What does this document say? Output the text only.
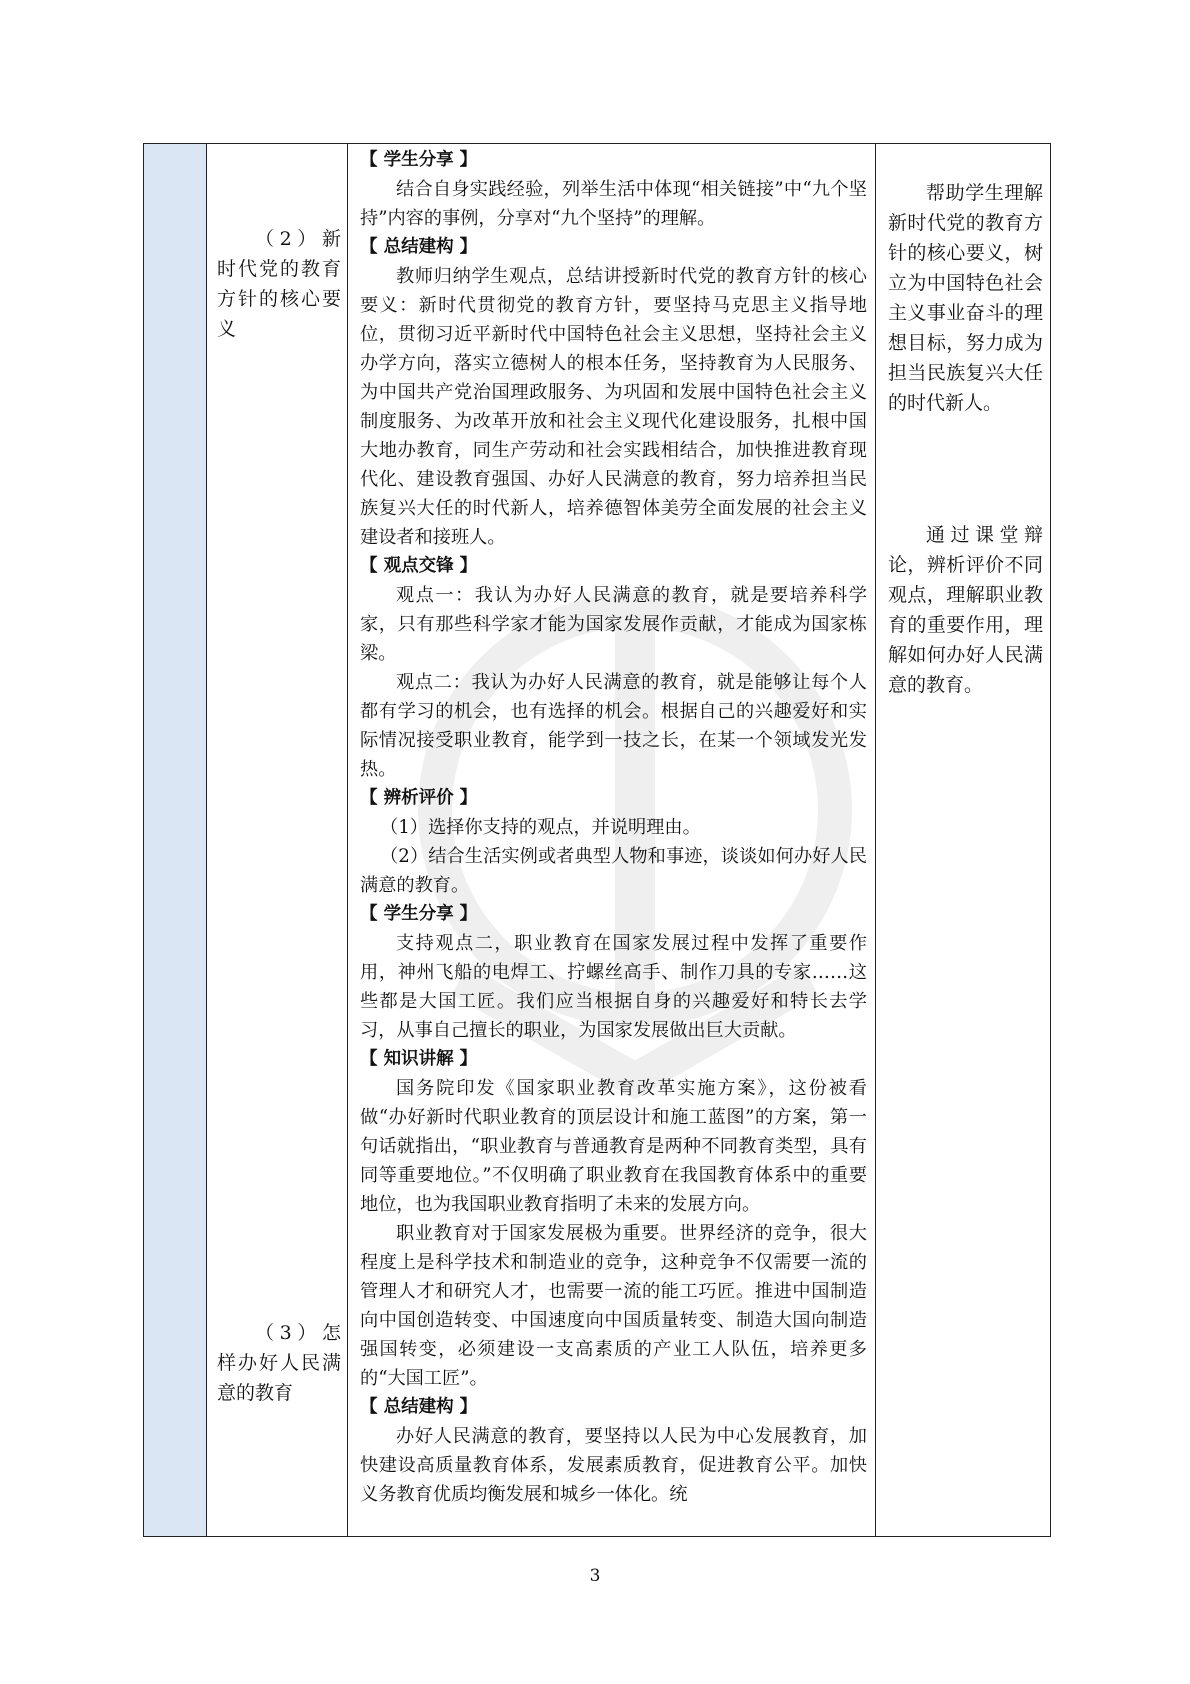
（2）新时代党的教育方针的核心要义
（3）怎样办好人民满意的教育
【 学生分享 】
结合自身实践经验，列举生活中体现“相关链接”中“九个坚持”内容的事例，分享对“九个坚持”的理解。
【 总结建构 】
教师归纳学生观点，总结讲授新时代党的教育方针的核心要义：新时代贯彻党的教育方针，要坚持马克思主义指导地位，贯彻习近平新时代中国特色社会主义思想，坚持社会主义办学方向，落实立德树人的根本任务，坚持教育为人民服务、为中国共产党治国理政服务、为巩固和发展中国特色社会主义制度服务、为改革开放和社会主义现代化建设服务，扎根中国大地办教育，同生产劳动和社会实践相结合，加快推进教育现代化、建设教育强国、办好人民满意的教育，努力培养担当民族复兴大任的时代新人，培养德智体美劳全面发展的社会主义建设者和接班人。
【 观点交锋 】
观点一：我认为办好人民满意的教育，就是要培养科学家，只有那些科学家才能为国家发展作贡献，才能成为国家栋梁。
观点二：我认为办好人民满意的教育，就是能够让每个人都有学习的机会，也有选择的机会。根据自己的兴趣爱好和实际情况接受职业教育，能学到一技之长，在某一个领域发光发热。
【 辨析评价 】
（1）选择你支持的观点，并说明理由。
（2）结合生活实例或者典型人物和事迹，谈谈如何办好人民满意的教育。
【 学生分享 】
支持观点二，职业教育在国家发展过程中发挥了重要作用，神州飞船的电焊工、拧螺丝高手、制作刀具的专家……这些都是大国工匠。我们应当根据自身的兴趣爱好和特长去学习，从事自己擅长的职业，为国家发展做出巨大贡献。
【 知识讲解 】
国务院印发《国家职业教育改革实施方案》，这份被看做“办好新时代职业教育的顶层设计和施工蓝图”的方案，第一句话就指出，“职业教育与普通教育是两种不同教育类型，具有同等重要地位。”不仅明确了职业教育在我国教育体系中的重要地位，也为我国职业教育指明了未来的发展方向。
职业教育对于国家发展极为重要。世界经济的竞争，很大程度上是科学技术和制造业的竞争，这种竞争不仅需要一流的管理人才和研究人才，也需要一流的能工巧匠。推进中国制造向中国创造转变、中国速度向中国质量转变、制造大国向制造强国转变，必须建设一支高素质的产业工人队伍，培养更多的“大国工匠”。
【 总结建构 】
办好人民满意的教育，要坚持以人民为中心发展教育，加快建设高质量教育体系，发展素质教育，促进教育公平。加快义务教育优质均衡发展和城乡一体化。统
帮助学生理解新时代党的教育方针的核心要义，树立为中国特色社会主义事业奋斗的理想目标，努力成为担当民族复兴大任的时代新人。
通过课堂辩论，辨析评价不同观点，理解职业教育的重要作用，理解如何办好人民满意的教育。
3
